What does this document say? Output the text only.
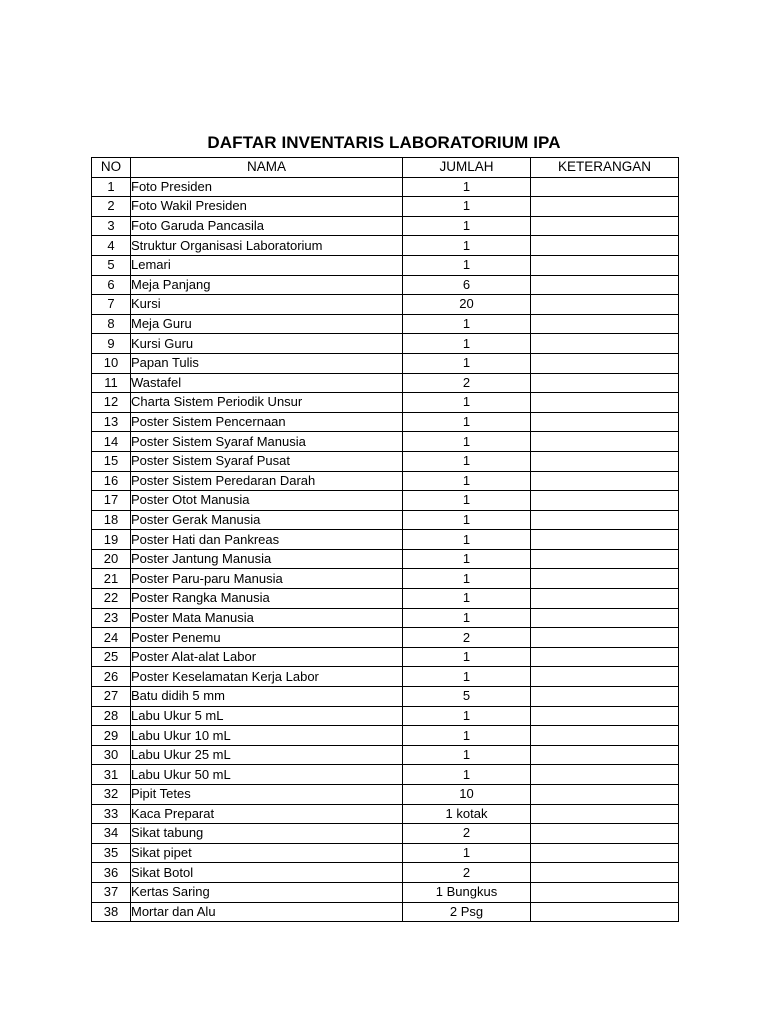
DAFTAR INVENTARIS LABORATORIUM IPA
NO	NAMA	JUMLAH	KETERANGAN
1	Foto Presiden	1	
2	Foto Wakil Presiden	1	
3	Foto Garuda Pancasila	1	
4	Struktur Organisasi Laboratorium	1	
5	Lemari	1	
6	Meja Panjang	6	
7	Kursi	20	
8	Meja Guru	1	
9	Kursi Guru	1	
10	Papan Tulis	1	
11	Wastafel	2	
12	Charta Sistem Periodik Unsur	1	
13	Poster Sistem Pencernaan	1	
14	Poster Sistem Syaraf Manusia	1	
15	Poster Sistem Syaraf Pusat	1	
16	Poster Sistem Peredaran Darah	1	
17	Poster Otot Manusia	1	
18	Poster Gerak Manusia	1	
19	Poster Hati dan Pankreas	1	
20	Poster Jantung Manusia	1	
21	Poster Paru-paru Manusia	1	
22	Poster Rangka Manusia	1	
23	Poster Mata Manusia	1	
24	Poster Penemu	2	
25	Poster Alat-alat Labor	1	
26	Poster Keselamatan Kerja Labor	1	
27	Batu didih 5 mm	5	
28	Labu Ukur 5 mL	1	
29	Labu Ukur 10 mL	1	
30	Labu Ukur 25 mL	1	
31	Labu Ukur 50 mL	1	
32	Pipit Tetes	10	
33	Kaca Preparat	1 kotak	
34	Sikat tabung	2	
35	Sikat pipet	1	
36	Sikat Botol	2	
37	Kertas Saring	1 Bungkus	
38	Mortar dan Alu	2 Psg	
